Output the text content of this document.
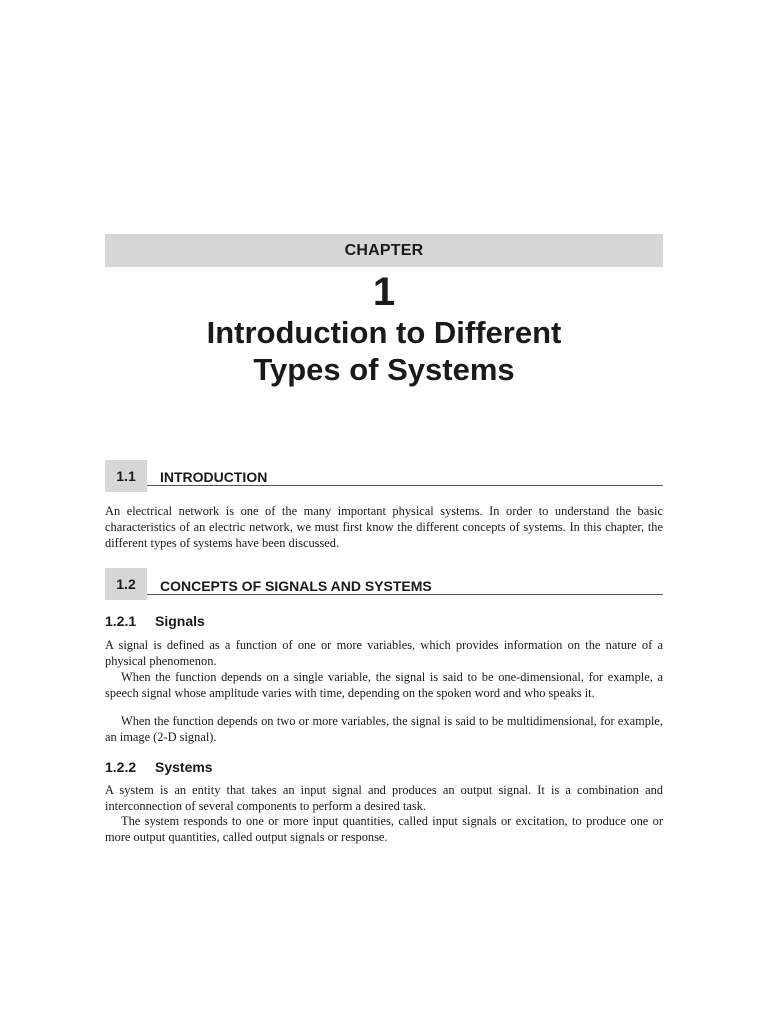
CHAPTER
1
Introduction to Different
Types of Systems
1.1	INTRODUCTION

An electrical network is one of the many important physical systems. In order to understand the basic characteristics of an electric network, we must first know the different concepts of systems. In this chapter, the different types of systems have been discussed.

1.2	CONCEPTS OF SIGNALS AND SYSTEMS
1.2.1 Signals

A signal is defined as a function of one or more variables, which provides information on the nature of a physical phenomenon.

When the function depends on a single variable, the signal is said to be one-dimensional, for example, a speech signal whose amplitude varies with time, depending on the spoken word and who speaks it.

When the function depends on two or more variables, the signal is said to be multidimensional, for example, an image (2-D signal).

1.2.2 Systems

A system is an entity that takes an input signal and produces an output signal. It is a combination and interconnection of several components to perform a desired task.

The system responds to one or more input quantities, called input signals or excitation, to produce one or more output quantities, called output signals or response.
